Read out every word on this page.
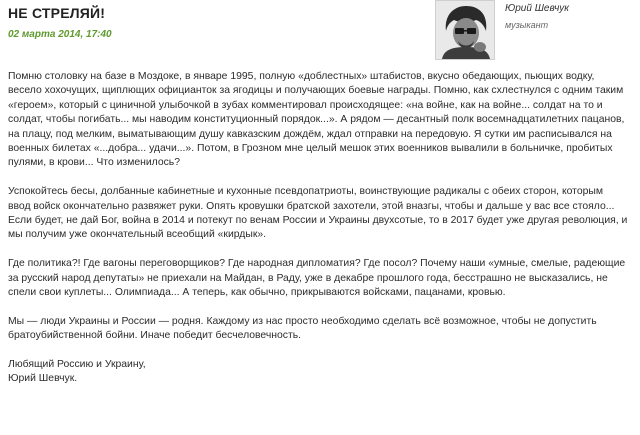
НЕ СТРЕЛЯЙ!
02 марта 2014, 17:40
Юрий Шевчук
музыкант

Помню столовку на базе в Моздоке, в январе 1995, полную «доблестных» штабистов, вкусно обедающих, пьющих водку, весело хохочущих, щиплющих официанток за ягодицы и получающих боевые награды. Помню, как схлестнулся с одним таким «героем», который с циничной улыбочкой в зубах комментировал происходящее: «на войне, как на войне... солдат на то и солдат, чтобы погибать... мы наводим конституционный порядок...». А рядом — десантный полк восемнадцатилетних пацанов, на плацу, под мелким, выматывающим душу кавказским дождём, ждал отправки на передовую. Я сутки им расписывался на военных билетах «...добра... удачи...». Потом, в Грозном мне целый мешок этих военников вывалили в больничке, пробитых пулями, в крови... Что изменилось?

Успокойтесь бесы, долбанные кабинетные и кухонные псевдопатриоты, воинствующие радикалы с обеих сторон, которым ввод войск окончательно развяжет руки. Опять кровушки братской захотели, этой вназгы, чтобы и дальше у вас все стояло... Если будет, не дай Бог, война в 2014 и потекут по венам России и Украины двухсотые, то в 2017 будет уже другая революция, и мы получим уже окончательный всеобщий «кирдык».

Где политика?! Где вагоны переговорщиков? Где народная дипломатия? Где посол? Почему наши «умные, смелые, радеющие за русский народ депутаты» не приехали на Майдан, в Раду, уже в декабре прошлого года, бесстрашно не высказались, не спели свои куплеты... Олимпиада... А теперь, как обычно, прикрываются войсками, пацанами, кровью.

Мы — люди Украины и России — родня. Каждому из нас просто необходимо сделать всё возможное, чтобы не допустить братоубийственной бойни. Иначе победит бесчеловечность.

Любящий Россию и Украину,
Юрий Шевчук.
